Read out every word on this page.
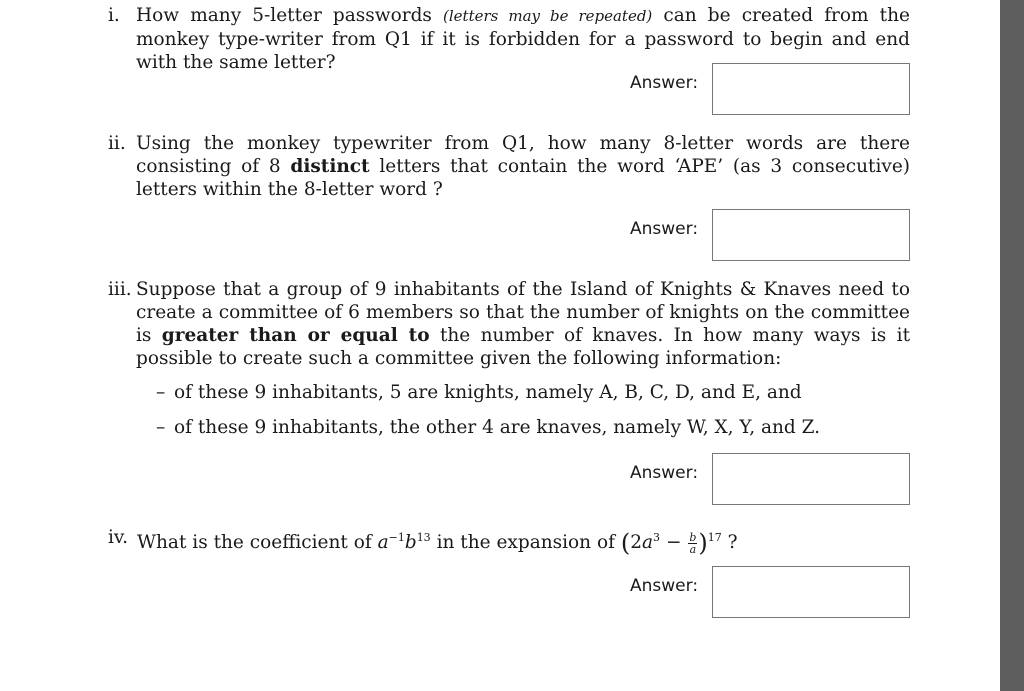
i. How many 5-letter passwords (letters may be repeated) can be created from the monkey type-writer from Q1 if it is forbidden for a password to begin and end with the same letter?
Answer:
ii. Using the monkey typewriter from Q1, how many 8-letter words are there consisting of 8 distinct letters that contain the word ‘APE’ (as 3 consecutive) letters within the 8-letter word ?
Answer:
iii. Suppose that a group of 9 inhabitants of the Island of Knights & Knaves need to create a committee of 6 members so that the number of knights on the committee is greater than or equal to the number of knaves. In how many ways is it possible to create such a committee given the following information:
– of these 9 inhabitants, 5 are knights, namely A, B, C, D, and E, and
– of these 9 inhabitants, the other 4 are knaves, namely W, X, Y, and Z.
Answer:
iv. What is the coefficient of $a^{-1}b^{13}$ in the expansion of $(2a^3 - \frac{b}{a} )^{17}$ ?
Answer:
